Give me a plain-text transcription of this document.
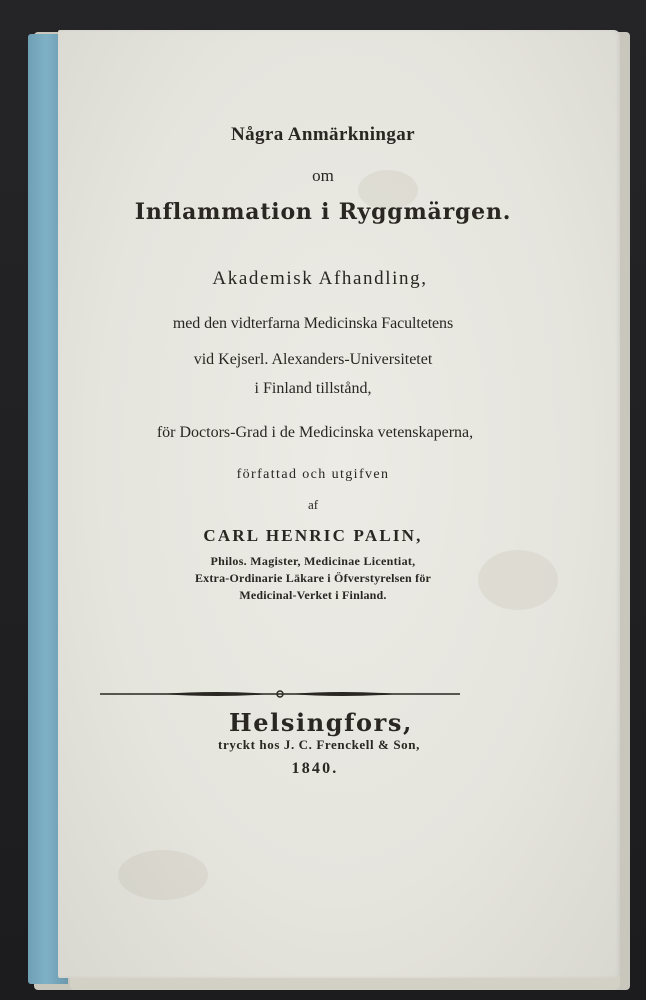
Några Anmärkningar
om
Inflammation i Ryggmärgen.
Akademisk Afhandling,
med den vidterfarna Medicinska Facultetens
vid Kejserl. Alexanders-Universitetet
i Finland tillstånd,
för Doctors-Grad i de Medicinska vetenskaperna,
författad och utgifven
af
CARL HENRIC PALIN,
Philos. Magister, Medicinae Licentiat,
Extra-Ordinarie Läkare i Öfverstyrelsen för
Medicinal-Verket i Finland.
Helsingfors,
tryckt hos J. C. Frenckell & Son,
1840.
